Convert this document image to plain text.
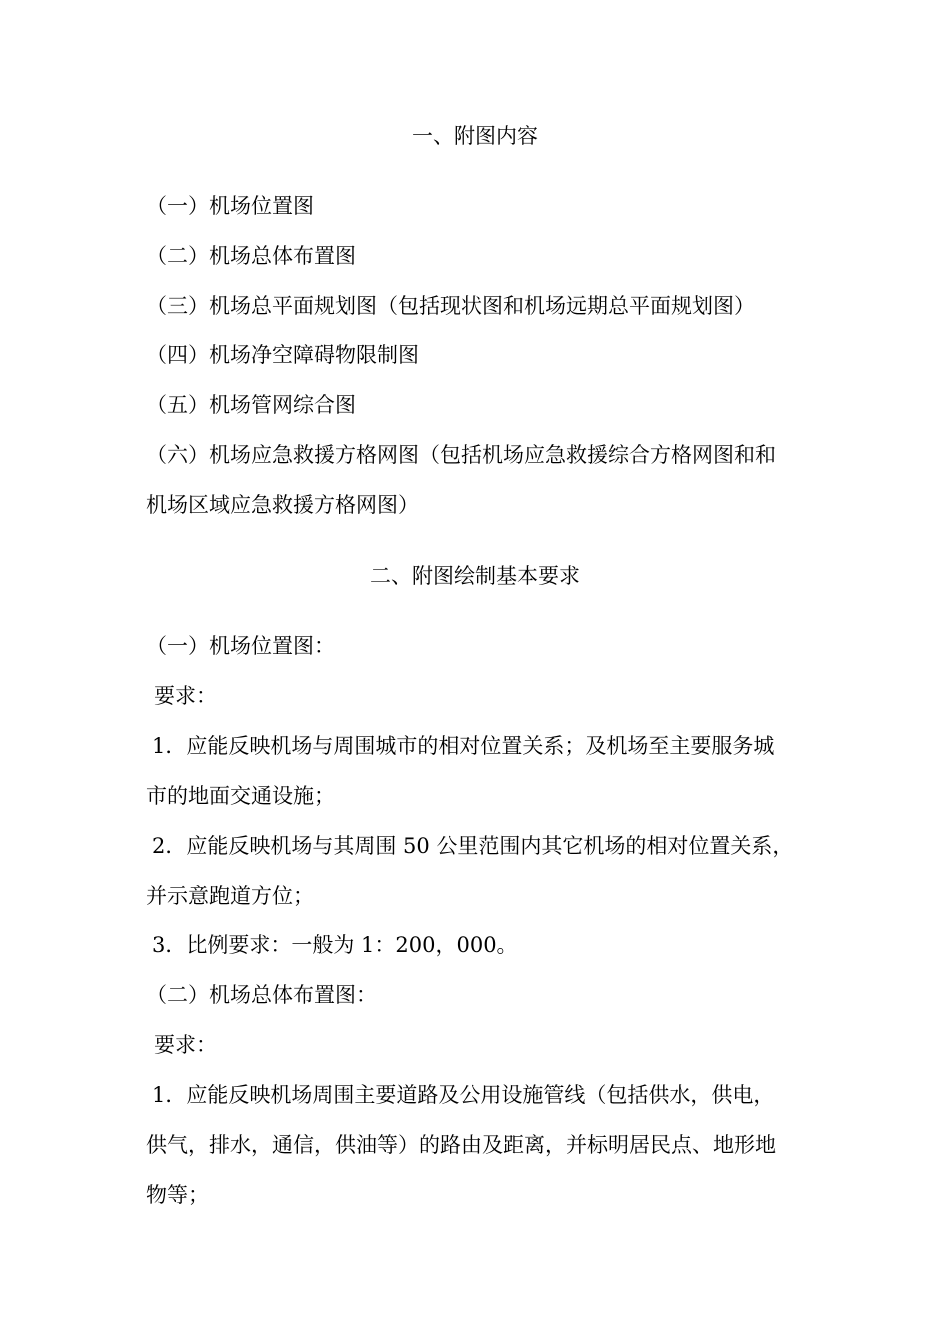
一、附图内容
（一）机场位置图
（二）机场总体布置图
（三）机场总平面规划图（包括现状图和机场远期总平面规划图）
（四）机场净空障碍物限制图
（五）机场管网综合图
（六）机场应急救援方格网图（包括机场应急救援综合方格网图和和
机场区域应急救援方格网图）
二、附图绘制基本要求
（一）机场位置图：
要求：
1．应能反映机场与周围城市的相对位置关系；及机场至主要服务城
市的地面交通设施；
2．应能反映机场与其周围 50 公里范围内其它机场的相对位置关系，
并示意跑道方位；
3．比例要求：一般为 1：200，000。
（二）机场总体布置图：
要求：
1．应能反映机场周围主要道路及公用设施管线（包括供水，供电，
供气，排水，通信，供油等）的路由及距离，并标明居民点、地形地
物等；
